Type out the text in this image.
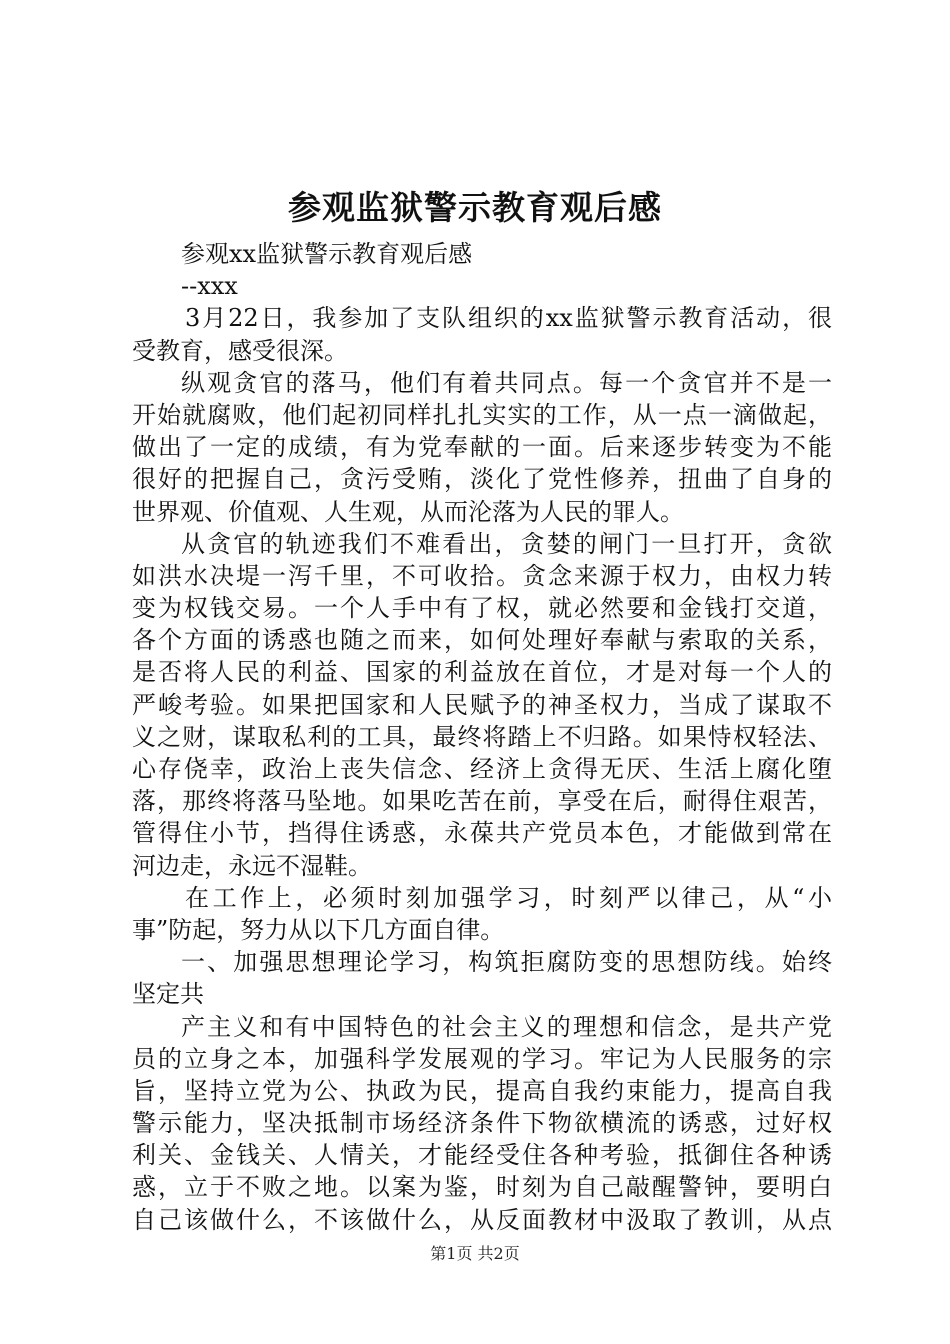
参观监狱警示教育观后感
参观xx监狱警示教育观后感
--xxx
3月22日，我参加了支队组织的xx监狱警示教育活动，很
受教育，感受很深。
纵观贪官的落马，他们有着共同点。每一个贪官并不是一
开始就腐败，他们起初同样扎扎实实的工作，从一点一滴做起，
做出了一定的成绩，有为党奉献的一面。后来逐步转变为不能
很好的把握自己，贪污受贿，淡化了党性修养，扭曲了自身的
世界观、价值观、人生观，从而沦落为人民的罪人。
从贪官的轨迹我们不难看出，贪婪的闸门一旦打开，贪欲
如洪水决堤一泻千里，不可收拾。贪念来源于权力，由权力转
变为权钱交易。一个人手中有了权，就必然要和金钱打交道，
各个方面的诱惑也随之而来，如何处理好奉献与索取的关系，
是否将人民的利益、国家的利益放在首位，才是对每一个人的
严峻考验。如果把国家和人民赋予的神圣权力，当成了谋取不
义之财，谋取私利的工具，最终将踏上不归路。如果恃权轻法、
心存侥幸，政治上丧失信念、经济上贪得无厌、生活上腐化堕
落，那终将落马坠地。如果吃苦在前，享受在后，耐得住艰苦，
管得住小节，挡得住诱惑，永葆共产党员本色，才能做到常在
河边走，永远不湿鞋。
在工作上，必须时刻加强学习，时刻严以律己，从“小
事”防起，努力从以下几方面自律。
一、加强思想理论学习，构筑拒腐防变的思想防线。始终
坚定共
产主义和有中国特色的社会主义的理想和信念，是共产党
员的立身之本，加强科学发展观的学习。牢记为人民服务的宗
旨，坚持立党为公、执政为民，提高自我约束能力，提高自我
警示能力，坚决抵制市场经济条件下物欲横流的诱惑，过好权
利关、金钱关、人情关，才能经受住各种考验，抵御住各种诱
惑，立于不败之地。以案为鉴，时刻为自己敲醒警钟，要明白
自己该做什么，不该做什么，从反面教材中汲取了教训，从点
第1页 共2页
